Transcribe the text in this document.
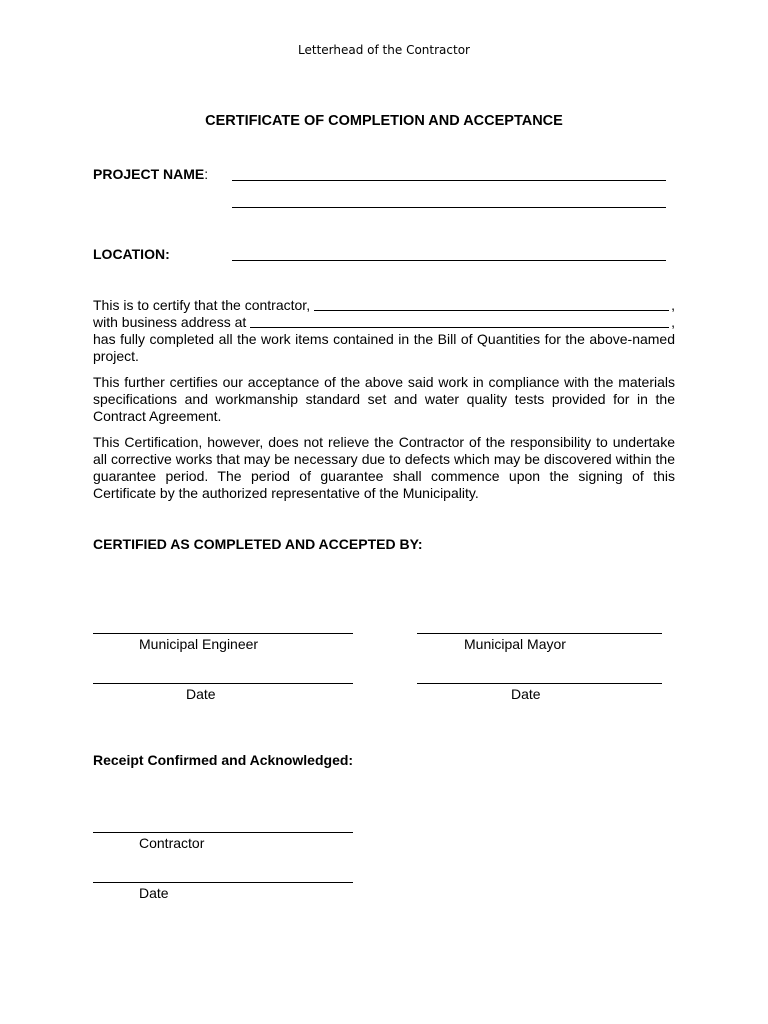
Letterhead of the Contractor
CERTIFICATE OF COMPLETION AND ACCEPTANCE
PROJECT NAME:
LOCATION:
This is to certify that the contractor,	,
with business address at	,

has fully completed all the work items contained in the Bill of Quantities for the above-named project.

This further certifies our acceptance of the above said work in compliance with the materials specifications and workmanship standard set and water quality tests provided for in the Contract Agreement.

This Certification, however, does not relieve the Contractor of the responsibility to undertake all corrective works that may be necessary due to defects which may be discovered within the guarantee period. The period of guarantee shall commence upon the signing of this Certificate by the authorized representative of the Municipality.

CERTIFIED AS COMPLETED AND ACCEPTED BY:
Municipal Engineer	Municipal Mayor
Date	Date
Receipt Confirmed and Acknowledged:
Contractor
Date
